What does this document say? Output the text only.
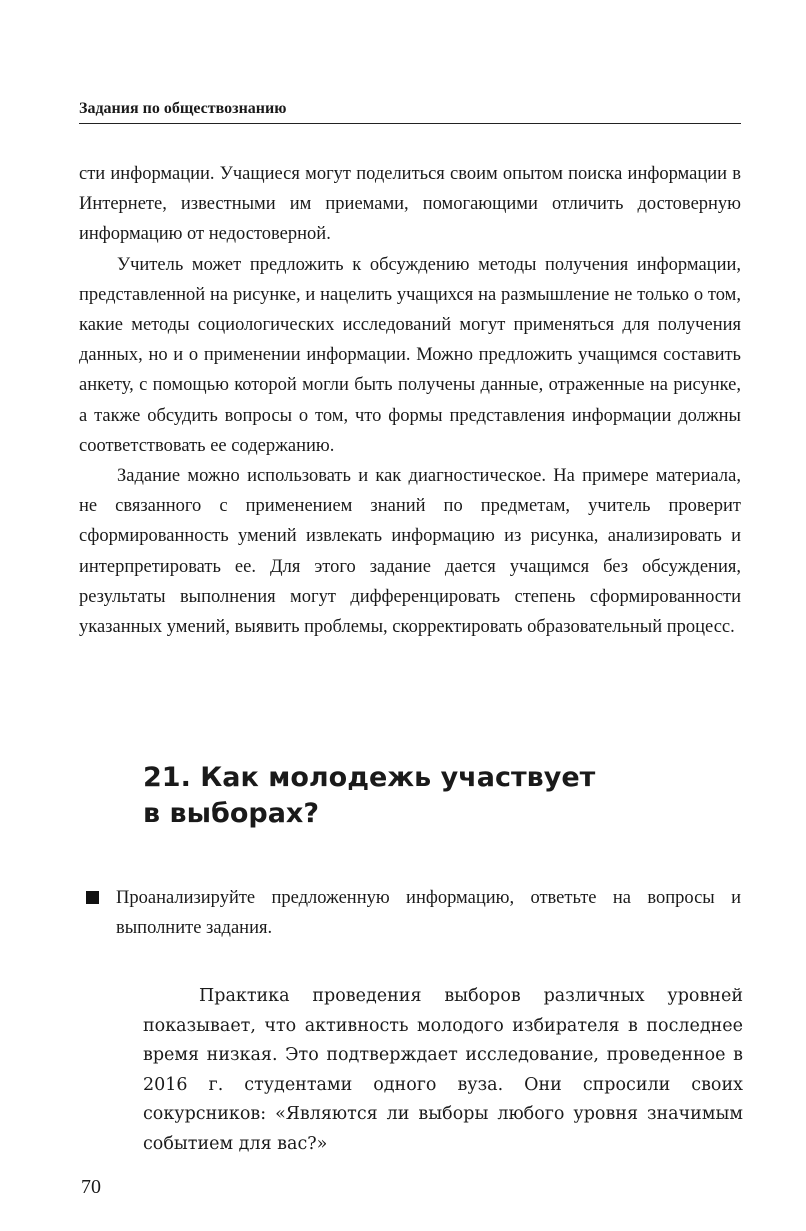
Задания по обществознанию

сти информации. Учащиеся могут поделиться своим опытом поиска информации в Интернете, известными им приемами, помогающими отличить достоверную информацию от недостоверной.

Учитель может предложить к обсуждению методы получения информации, представленной на рисунке, и нацелить учащихся на размышление не только о том, какие методы социологических исследований могут применяться для получения данных, но и о применении информации. Можно предложить учащимся составить анкету, с помощью которой могли быть получены данные, отраженные на рисунке, а также обсудить вопросы о том, что формы представления информации должны соответствовать ее содержанию.

Задание можно использовать и как диагностическое. На примере материала, не связанного с применением знаний по предметам, учитель проверит сформированность умений извлекать информацию из рисунка, анализировать и интерпретировать ее. Для этого задание дается учащимся без обсуждения, результаты выполнения могут дифференцировать степень сформированности указанных умений, выявить проблемы, скорректировать образовательный процесс.

21. Как молодежь участвует
в выборах?
Проанализируйте предложенную информацию, ответьте на вопросы и выполните задания.

Практика проведения выборов различных уровней показывает, что активность молодого избирателя в последнее время низкая. Это подтверждает исследование, проведенное в 2016 г. студентами одного вуза. Они спросили своих сокурсников: «Являются ли выборы любого уровня значимым событием для вас?»

70
